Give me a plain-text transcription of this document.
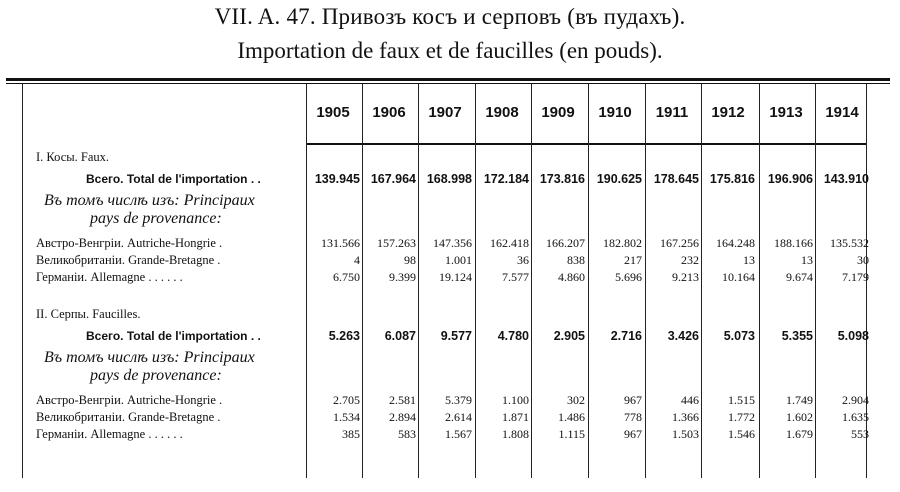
VII. A. 47. Привозъ косъ и серповъ (въ пудахъ).
Importation de faux et de faucilles (en pouds).
1905	1906	1907	1908	1909	1910	1911	1912	1913	1914
I. Косы. Faux.
Всего. Total de l'importation . .	139.945 167.964 168.998 172.184 173.816 190.625 178.645 175.816	196.906 143.910
Въ томъ числѣ изъ: Principaux
pays de provenance:
Австро-Венгріи. Autriche-Hongrie .	131.566	157.263	147.356	162.418	166.207	182.802	167.256	164.248	188.166	135.532
Великобританіи. Grande-Bretagne .	4	98	1.001	36	838	217	232	13	13	30
Германіи. Allemagne . . . . . .	6.750	9.399	19.124	7.577	4.860	5.696	9.213	10.164	9.674	7.179
II. Серпы. Faucilles.
Всего. Total de l'importation . .	5.263	6.087	9.577	4.780	2.905	2.716	3.426	5.073	5.355	5.098
Въ томъ числѣ изъ: Principaux
pays de provenance:
Австро-Венгріи. Autriche-Hongrie .	2.705	2.581	5.379	1.100	302	967	446	1.515	1.749	2.904
Великобританіи. Grande-Bretagne .	1.534	2.894	2.614	1.871	1.486	778	1.366	1.772	1.602	1.635
Германіи. Allemagne . . . . . .	385	583	1.567	1.808	1.115	967	1.503	1.546	1.679	553
